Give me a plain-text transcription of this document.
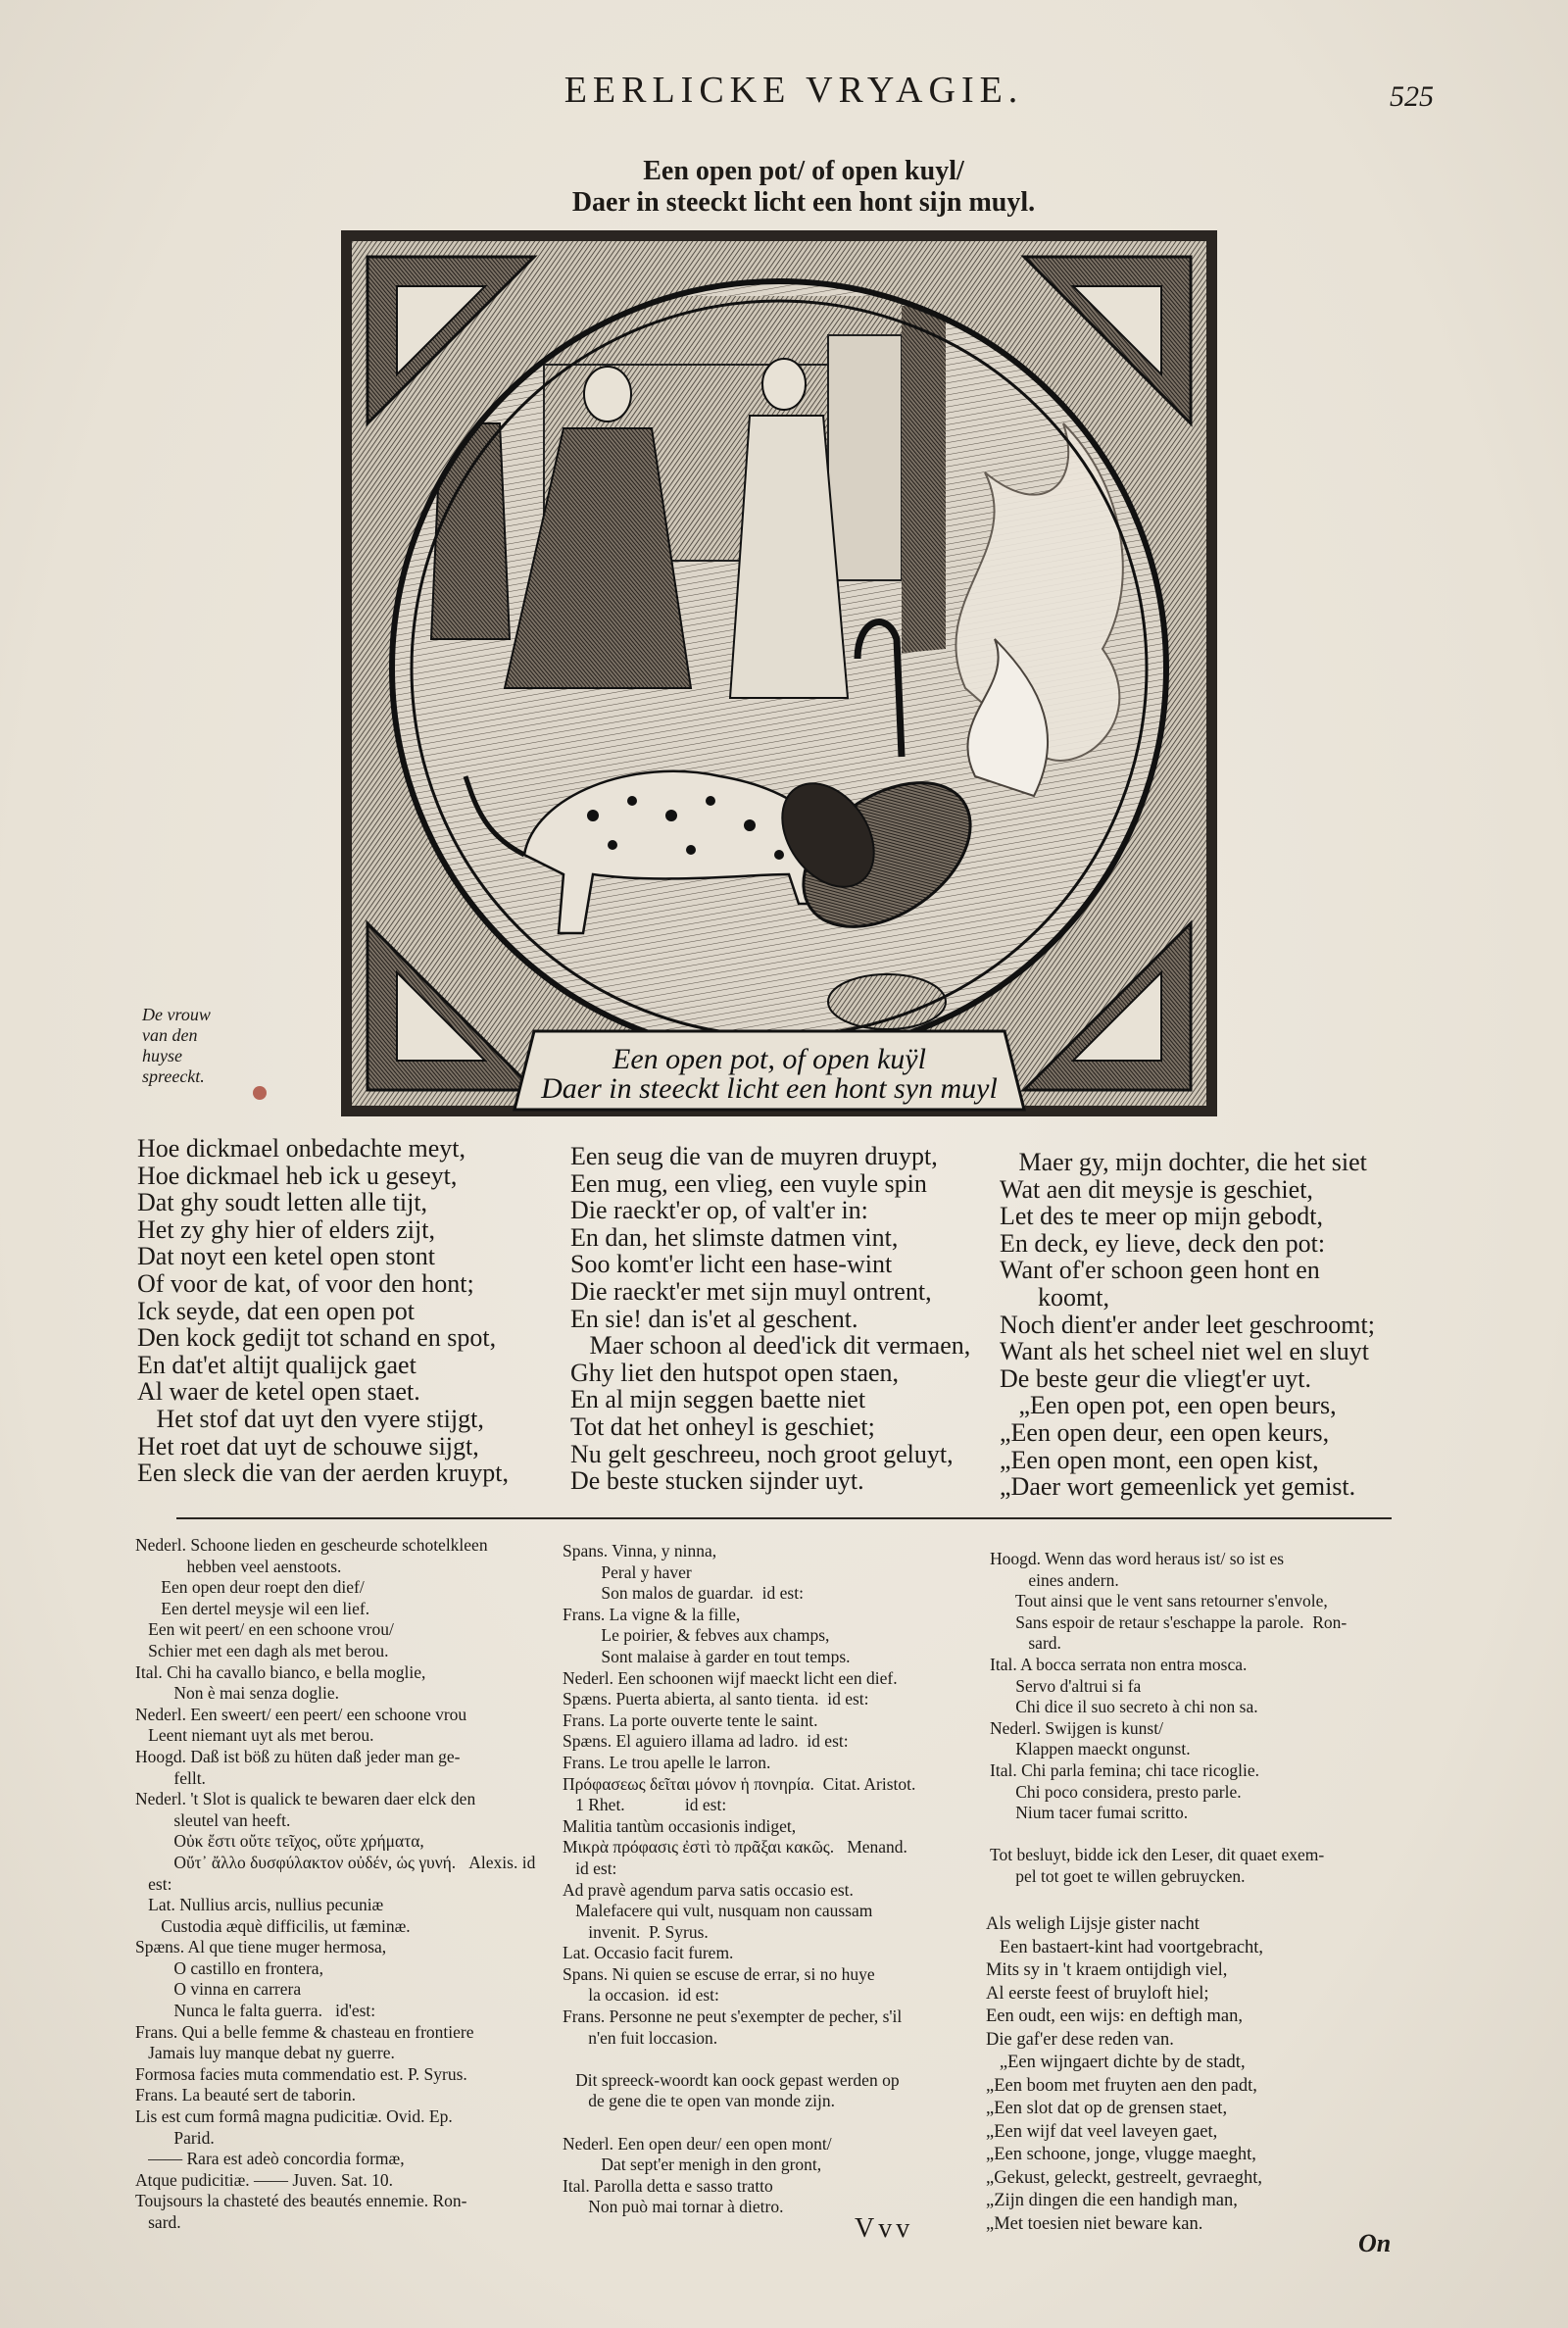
EERLICKE VRYAGIE.	525
Een open pot/ of open kuyl/
Daer in steeckt licht een hont sijn muyl.
Een open pot, of open kuÿl
Daer in steeckt licht een hont syn muyl
De vrouw
van den
huyse
spreeckt.
Hoe dickmael onbedachte meyt,
Hoe dickmael heb ick u geseyt,
Dat ghy soudt letten alle tijt,
Het zy ghy hier of elders zijt,
Dat noyt een ketel open stont
Of voor de kat, of voor den hont;
Ick seyde, dat een open pot
Den kock gedijt tot schand en spot,
En dat'et altijt qualijck gaet
Al waer de ketel open staet.
Het stof dat uyt den vyere stijgt,
Het roet dat uyt de schouwe sijgt,
Een sleck die van der aerden kruypt,
Een seug die van de muyren druypt,
Een mug, een vlieg, een vuyle spin
Die raeckt'er op, of valt'er in:
En dan, het slimste datmen vint,
Soo komt'er licht een hase-wint
Die raeckt'er met sijn muyl ontrent,
En sie! dan is'et al geschent.
Maer schoon al deed'ick dit vermaen,
Ghy liet den hutspot open staen,
En al mijn seggen baette niet
Tot dat het onheyl is geschiet;
Nu gelt geschreeu, noch groot geluyt,
De beste stucken sijnder uyt.
Maer gy, mijn dochter, die het siet
Wat aen dit meysje is geschiet,
Let des te meer op mijn gebodt,
En deck, ey lieve, deck den pot:
Want of'er schoon geen hont en
koomt,
Noch dient'er ander leet geschroomt;
Want als het scheel niet wel en sluyt
De beste geur die vliegt'er uyt.
„Een open pot, een open beurs,
„Een open deur, een open keurs,
„Een open mont, een open kist,
„Daer wort gemeenlick yet gemist.
Nederl. Schoone lieden en gescheurde schotelkleen
hebben veel aenstoots.
Een open deur roept den dief/
Een dertel meysje wil een lief.
Een wit peert/ en een schoone vrou/
Schier met een dagh als met berou.
Ital. Chi ha cavallo bianco, e bella moglie,
Non è mai senza doglie.
Nederl. Een sweert/ een peert/ een schoone vrou
Leent niemant uyt als met berou.
Hoogd. Daß ist böß zu hüten daß jeder man ge-
fellt.
Nederl. 't Slot is qualick te bewaren daer elck den
sleutel van heeft.
Οὐκ ἔστι οὔτε τεῖχος, οὔτε χρήματα,
Οὔτ᾽ ἄλλο δυσφύλακτον οὐδέν, ὡς γυνή.   Alexis. id
est:
Lat. Nullius arcis, nullius pecuniæ
Custodia æquè difficilis, ut fæminæ.
Spæns. Al que tiene muger hermosa,
O castillo en frontera,
O vinna en carrera
Nunca le falta guerra.   id'est:
Frans. Qui a belle femme & chasteau en frontiere
Jamais luy manque debat ny guerre.
Formosa facies muta commendatio est. P. Syrus.
Frans. La beauté sert de taborin.
Lis est cum formâ magna pudicitiæ. Ovid. Ep.
Parid.
—— Rara est adeò concordia formæ,
Atque pudicitiæ. —— Juven. Sat. 10.
Toujsours la chasteté des beautés ennemie. Ron-
sard.
Spans. Vinna, y ninna,
Peral y haver
Son malos de guardar.  id est:
Frans. La vigne & la fille,
Le poirier, & febves aux champs,
Sont malaise à garder en tout temps.
Nederl. Een schoonen wijf maeckt licht een dief.
Spæns. Puerta abierta, al santo tienta.  id est:
Frans. La porte ouverte tente le saint.
Spæns. El aguiero illama ad ladro.  id est:
Frans. Le trou apelle le larron.
Πρόφασεως δεῖται μόνον ἡ πονηρία.  Citat. Aristot.
1 Rhet.              id est:
Malitia tantùm occasionis indiget,
Μικρὰ πρόφασις ἐστὶ τὸ πρᾶξαι κακῶς.   Menand.
id est:
Ad pravè agendum parva satis occasio est.
Malefacere qui vult, nusquam non caussam
invenit.  P. Syrus.
Lat. Occasio facit furem.
Spans. Ni quien se escuse de errar, si no huye
la occasion.  id est:
Frans. Personne ne peut s'exempter de pecher, s'il
n'en fuit loccasion.

Dit spreeck-woordt kan oock gepast werden op
de gene die te open van monde zijn.

Nederl. Een open deur/ een open mont/
Dat sept'er menigh in den gront,
Ital. Parolla detta e sasso tratto
Non può mai tornar à dietro.
Hoogd. Wenn das word heraus ist/ so ist es
eines andern.
Tout ainsi que le vent sans retourner s'envole,
Sans espoir de retaur s'eschappe la parole.  Ron-
sard.
Ital. A bocca serrata non entra mosca.
Servo d'altrui si fa
Chi dice il suo secreto à chi non sa.
Nederl. Swijgen is kunst/
Klappen maeckt ongunst.
Ital. Chi parla femina; chi tace ricoglie.
Chi poco considera, presto parle.
Nium tacer fumai scritto.

Tot besluyt, bidde ick den Leser, dit quaet exem-
pel tot goet te willen gebruycken.
Als weligh Lijsje gister nacht
Een bastaert-kint had voortgebracht,
Mits sy in 't kraem ontijdigh viel,
Al eerste feest of bruyloft hiel;
Een oudt, een wijs: en deftigh man,
Die gaf'er dese reden van.
„Een wijngaert dichte by de stadt,
„Een boom met fruyten aen den padt,
„Een slot dat op de grensen staet,
„Een wijf dat veel laveyen gaet,
„Een schoone, jonge, vlugge maeght,
„Gekust, geleckt, gestreelt, gevraeght,
„Zijn dingen die een handigh man,
„Met toesien niet beware kan.
Vvv	On
